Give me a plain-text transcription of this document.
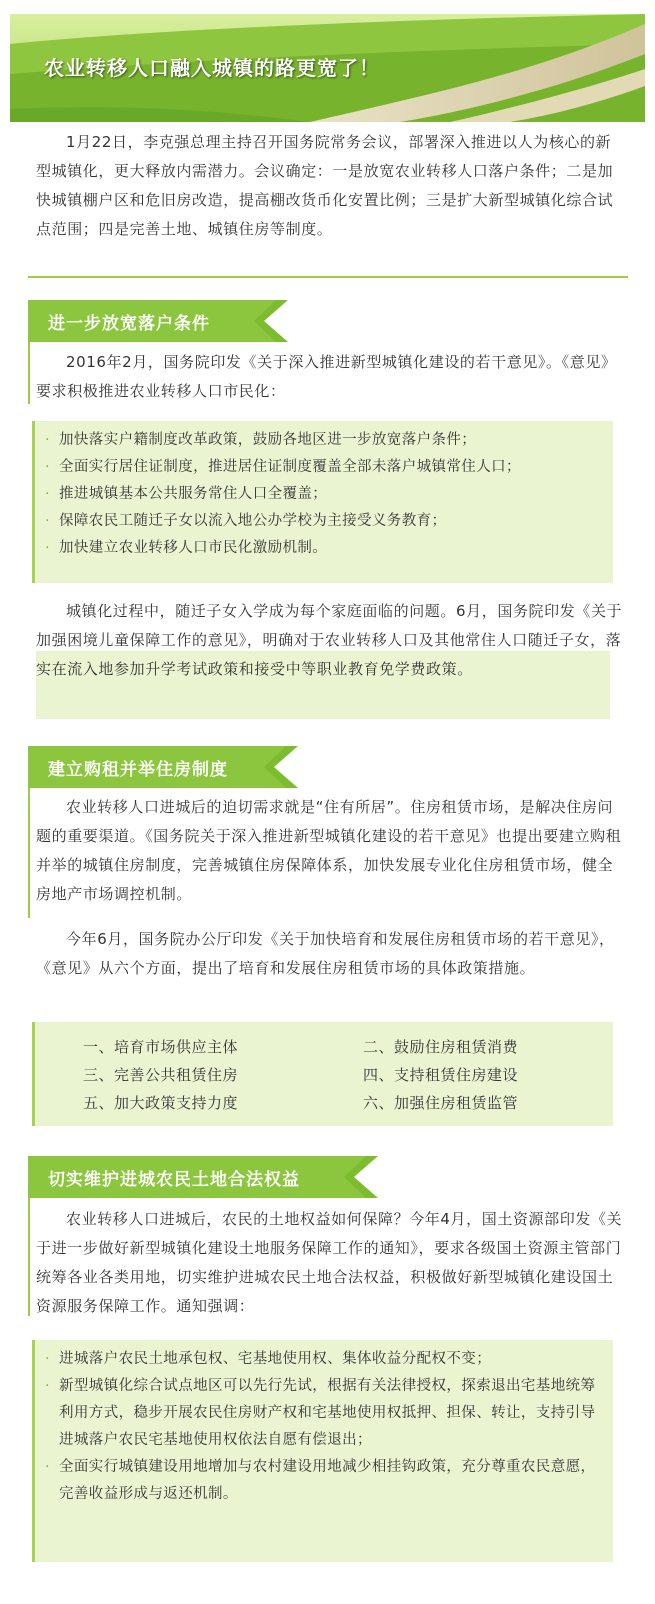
农业转移人口融入城镇的路更宽了！

1月22日，李克强总理主持召开国务院常务会议，部署深入推进以人为核心的新型城镇化，更大释放内需潜力。会议确定：一是放宽农业转移人口落户条件；二是加快城镇棚户区和危旧房改造，提高棚改货币化安置比例；三是扩大新型城镇化综合试点范围；四是完善土地、城镇住房等制度。

进一步放宽落户条件

2016年2月，国务院印发《关于深入推进新型城镇化建设的若干意见》。《意见》要求积极推进农业转移人口市民化：

· 加快落实户籍制度改革政策，鼓励各地区进一步放宽落户条件；
· 全面实行居住证制度，推进居住证制度覆盖全部未落户城镇常住人口；
· 推进城镇基本公共服务常住人口全覆盖；
· 保障农民工随迁子女以流入地公办学校为主接受义务教育；
· 加快建立农业转移人口市民化激励机制。

城镇化过程中，随迁子女入学成为每个家庭面临的问题。6月，国务院印发《关于加强困境儿童保障工作的意见》，明确对于农业转移人口及其他常住人口随迁子女，落实在流入地参加升学考试政策和接受中等职业教育免学费政策。

建立购租并举住房制度

农业转移人口进城后的迫切需求就是“住有所居”。住房租赁市场，是解决住房问题的重要渠道。《国务院关于深入推进新型城镇化建设的若干意见》也提出要建立购租并举的城镇住房制度，完善城镇住房保障体系，加快发展专业化住房租赁市场，健全房地产市场调控机制。

今年6月，国务院办公厅印发《关于加快培育和发展住房租赁市场的若干意见》，《意见》从六个方面，提出了培育和发展住房租赁市场的具体政策措施。

一、培育市场供应主体	二、鼓励住房租赁消费
三、完善公共租赁住房	四、支持租赁住房建设
五、加大政策支持力度	六、加强住房租赁监管
切实维护进城农民土地合法权益

农业转移人口进城后，农民的土地权益如何保障？今年4月，国土资源部印发《关于进一步做好新型城镇化建设土地服务保障工作的通知》，要求各级国土资源主管部门统筹各业各类用地，切实维护进城农民土地合法权益，积极做好新型城镇化建设国土资源服务保障工作。通知强调：

· 进城落户农民土地承包权、宅基地使用权、集体收益分配权不变；
· 新型城镇化综合试点地区可以先行先试，根据有关法律授权，探索退出宅基地统筹利用方式，稳步开展农民住房财产权和宅基地使用权抵押、担保、转让，支持引导进城落户农民宅基地使用权依法自愿有偿退出；
· 全面实行城镇建设用地增加与农村建设用地减少相挂钩政策，充分尊重农民意愿，完善收益形成与返还机制。
